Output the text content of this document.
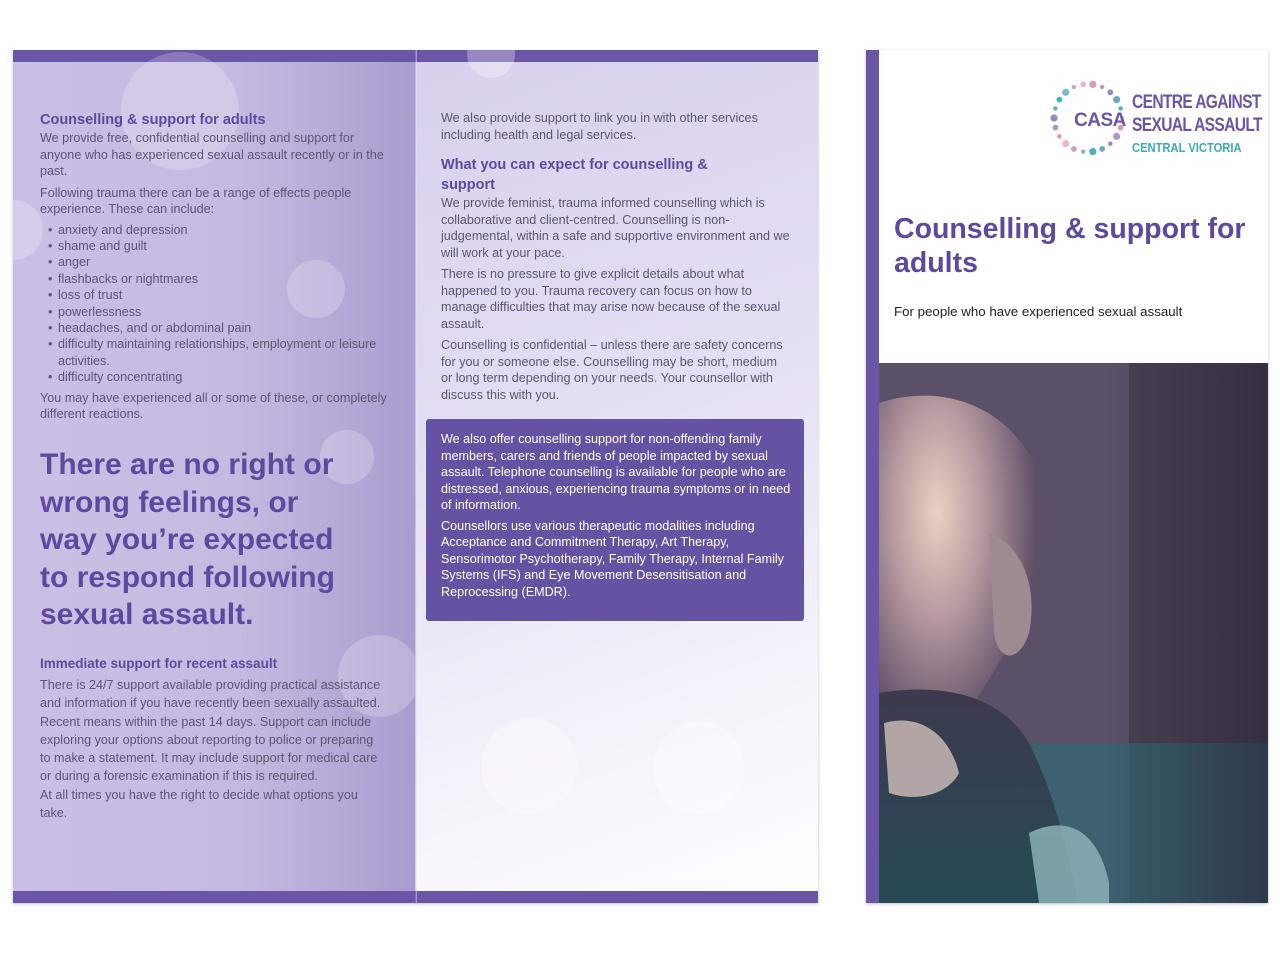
Counselling & support for adults

We provide free, confidential counselling and support for anyone who has experienced sexual assault recently or in the past.

Following trauma there can be a range of effects people experience. These can include:

• anxiety and depression
• shame and guilt
• anger
• flashbacks or nightmares
• loss of trust
• powerlessness
• headaches, and or abdominal pain
• difficulty maintaining relationships, employment or leisure activities.
• difficulty concentrating

You may have experienced all or some of these, or completely different reactions.

There are no right or wrong feelings, or way you’re expected to respond following sexual assault.
Immediate support for recent assault

There is 24/7 support available providing practical assistance and information if you have recently been sexually assaulted. Recent means within the past 14 days. Support can include exploring your options about reporting to police or preparing to make a statement. It may include support for medical care or during a forensic examination if this is required.

At all times you have the right to decide what options you take.

We also provide support to link you in with other services including health and legal services.

What you can expect for counselling & support

We provide feminist, trauma informed counselling which is collaborative and client-centred. Counselling is non-judgemental, within a safe and supportive environment and we will work at your pace.

There is no pressure to give explicit details about what happened to you. Trauma recovery can focus on how to manage difficulties that may arise now because of the sexual assault.

Counselling is confidential – unless there are safety concerns for you or someone else. Counselling may be short, medium or long term depending on your needs. Your counsellor with discuss this with you.

We also offer counselling support for non-offending family members, carers and friends of people impacted by sexual assault. Telephone counselling is available for people who are distressed, anxious, experiencing trauma symptoms or in need of information.

Counsellors use various therapeutic modalities including Acceptance and Commitment Therapy, Art Therapy, Sensorimotor Psychotherapy, Family Therapy, Internal Family Systems (IFS) and Eye Movement Desensitisation and Reprocessing (EMDR).

CASA
CENTRE AGAINST
SEXUAL ASSAULT
CENTRAL VICTORIA
Counselling & support for adults
For people who have experienced sexual assault
